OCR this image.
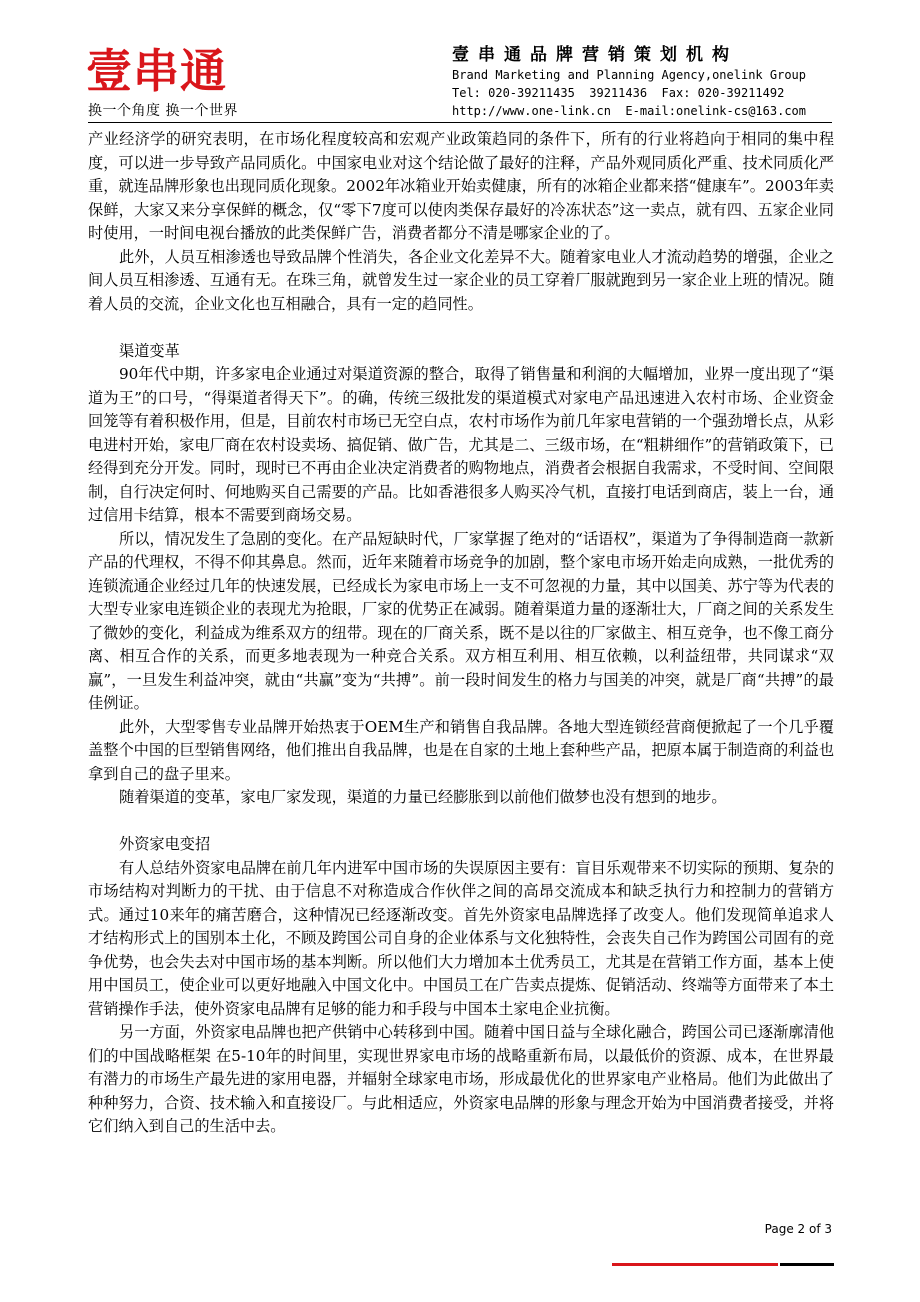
壹串通
换一个角度 换一个世界
壹串通品牌营销策划机构
Brand Marketing and Planning Agency,onelink Group
Tel: 020-39211435  39211436  Fax: 020-39211492
http://www.one-link.cn  E-mail:onelink-cs@163.com

产业经济学的研究表明，在市场化程度较高和宏观产业政策趋同的条件下，所有的行业将趋向于相同的集中程度，可以进一步导致产品同质化。中国家电业对这个结论做了最好的注释，产品外观同质化严重、技术同质化严重，就连品牌形象也出现同质化现象。2002年冰箱业开始卖健康，所有的冰箱企业都来搭“健康车”。2003年卖保鲜，大家又来分享保鲜的概念，仅“零下7度可以使肉类保存最好的冷冻状态”这一卖点，就有四、五家企业同时使用，一时间电视台播放的此类保鲜广告，消费者都分不清是哪家企业的了。

此外，人员互相渗透也导致品牌个性消失，各企业文化差异不大。随着家电业人才流动趋势的增强，企业之间人员互相渗透、互通有无。在珠三角，就曾发生过一家企业的员工穿着厂服就跑到另一家企业上班的情况。随着人员的交流，企业文化也互相融合，具有一定的趋同性。

渠道变革

90年代中期，许多家电企业通过对渠道资源的整合，取得了销售量和利润的大幅增加，业界一度出现了“渠道为王”的口号，“得渠道者得天下”。的确，传统三级批发的渠道模式对家电产品迅速进入农村市场、企业资金回笼等有着积极作用，但是，目前农村市场已无空白点，农村市场作为前几年家电营销的一个强劲增长点，从彩电进村开始，家电厂商在农村设卖场、搞促销、做广告，尤其是二、三级市场，在“粗耕细作”的营销政策下，已经得到充分开发。同时，现时已不再由企业决定消费者的购物地点，消费者会根据自我需求，不受时间、空间限制，自行决定何时、何地购买自己需要的产品。比如香港很多人购买冷气机，直接打电话到商店，装上一台，通过信用卡结算，根本不需要到商场交易。

所以，情况发生了急剧的变化。在产品短缺时代，厂家掌握了绝对的“话语权”，渠道为了争得制造商一款新产品的代理权，不得不仰其鼻息。然而，近年来随着市场竞争的加剧，整个家电市场开始走向成熟，一批优秀的连锁流通企业经过几年的快速发展，已经成长为家电市场上一支不可忽视的力量，其中以国美、苏宁等为代表的大型专业家电连锁企业的表现尤为抢眼，厂家的优势正在减弱。随着渠道力量的逐渐壮大，厂商之间的关系发生了微妙的变化，利益成为维系双方的纽带。现在的厂商关系，既不是以往的厂家做主、相互竞争，也不像工商分离、相互合作的关系，而更多地表现为一种竞合关系。双方相互利用、相互依赖，以利益纽带，共同谋求“双赢”，一旦发生利益冲突，就由“共赢”变为“共搏”。前一段时间发生的格力与国美的冲突，就是厂商“共搏”的最佳例证。

此外，大型零售专业品牌开始热衷于OEM生产和销售自我品牌。各地大型连锁经营商便掀起了一个几乎覆盖整个中国的巨型销售网络，他们推出自我品牌，也是在自家的土地上套种些产品，把原本属于制造商的利益也拿到自己的盘子里来。

随着渠道的变革，家电厂家发现，渠道的力量已经膨胀到以前他们做梦也没有想到的地步。

外资家电变招

有人总结外资家电品牌在前几年内进军中国市场的失误原因主要有：盲目乐观带来不切实际的预期、复杂的市场结构对判断力的干扰、由于信息不对称造成合作伙伴之间的高昂交流成本和缺乏执行力和控制力的营销方式。通过10来年的痛苦磨合，这种情况已经逐渐改变。首先外资家电品牌选择了改变人。他们发现简单追求人才结构形式上的国别本土化，不顾及跨国公司自身的企业体系与文化独特性，会丧失自己作为跨国公司固有的竞争优势，也会失去对中国市场的基本判断。所以他们大力增加本土优秀员工，尤其是在营销工作方面，基本上使用中国员工，使企业可以更好地融入中国文化中。中国员工在广告卖点提炼、促销活动、终端等方面带来了本土营销操作手法，使外资家电品牌有足够的能力和手段与中国本土家电企业抗衡。

另一方面，外资家电品牌也把产供销中心转移到中国。随着中国日益与全球化融合，跨国公司已逐渐廓清他们的中国战略框架 在5-10年的时间里，实现世界家电市场的战略重新布局，以最低价的资源、成本，在世界最有潜力的市场生产最先进的家用电器，并辐射全球家电市场，形成最优化的世界家电产业格局。他们为此做出了种种努力，合资、技术输入和直接设厂。与此相适应，外资家电品牌的形象与理念开始为中国消费者接受，并将它们纳入到自己的生活中去。

Page 2 of 3
